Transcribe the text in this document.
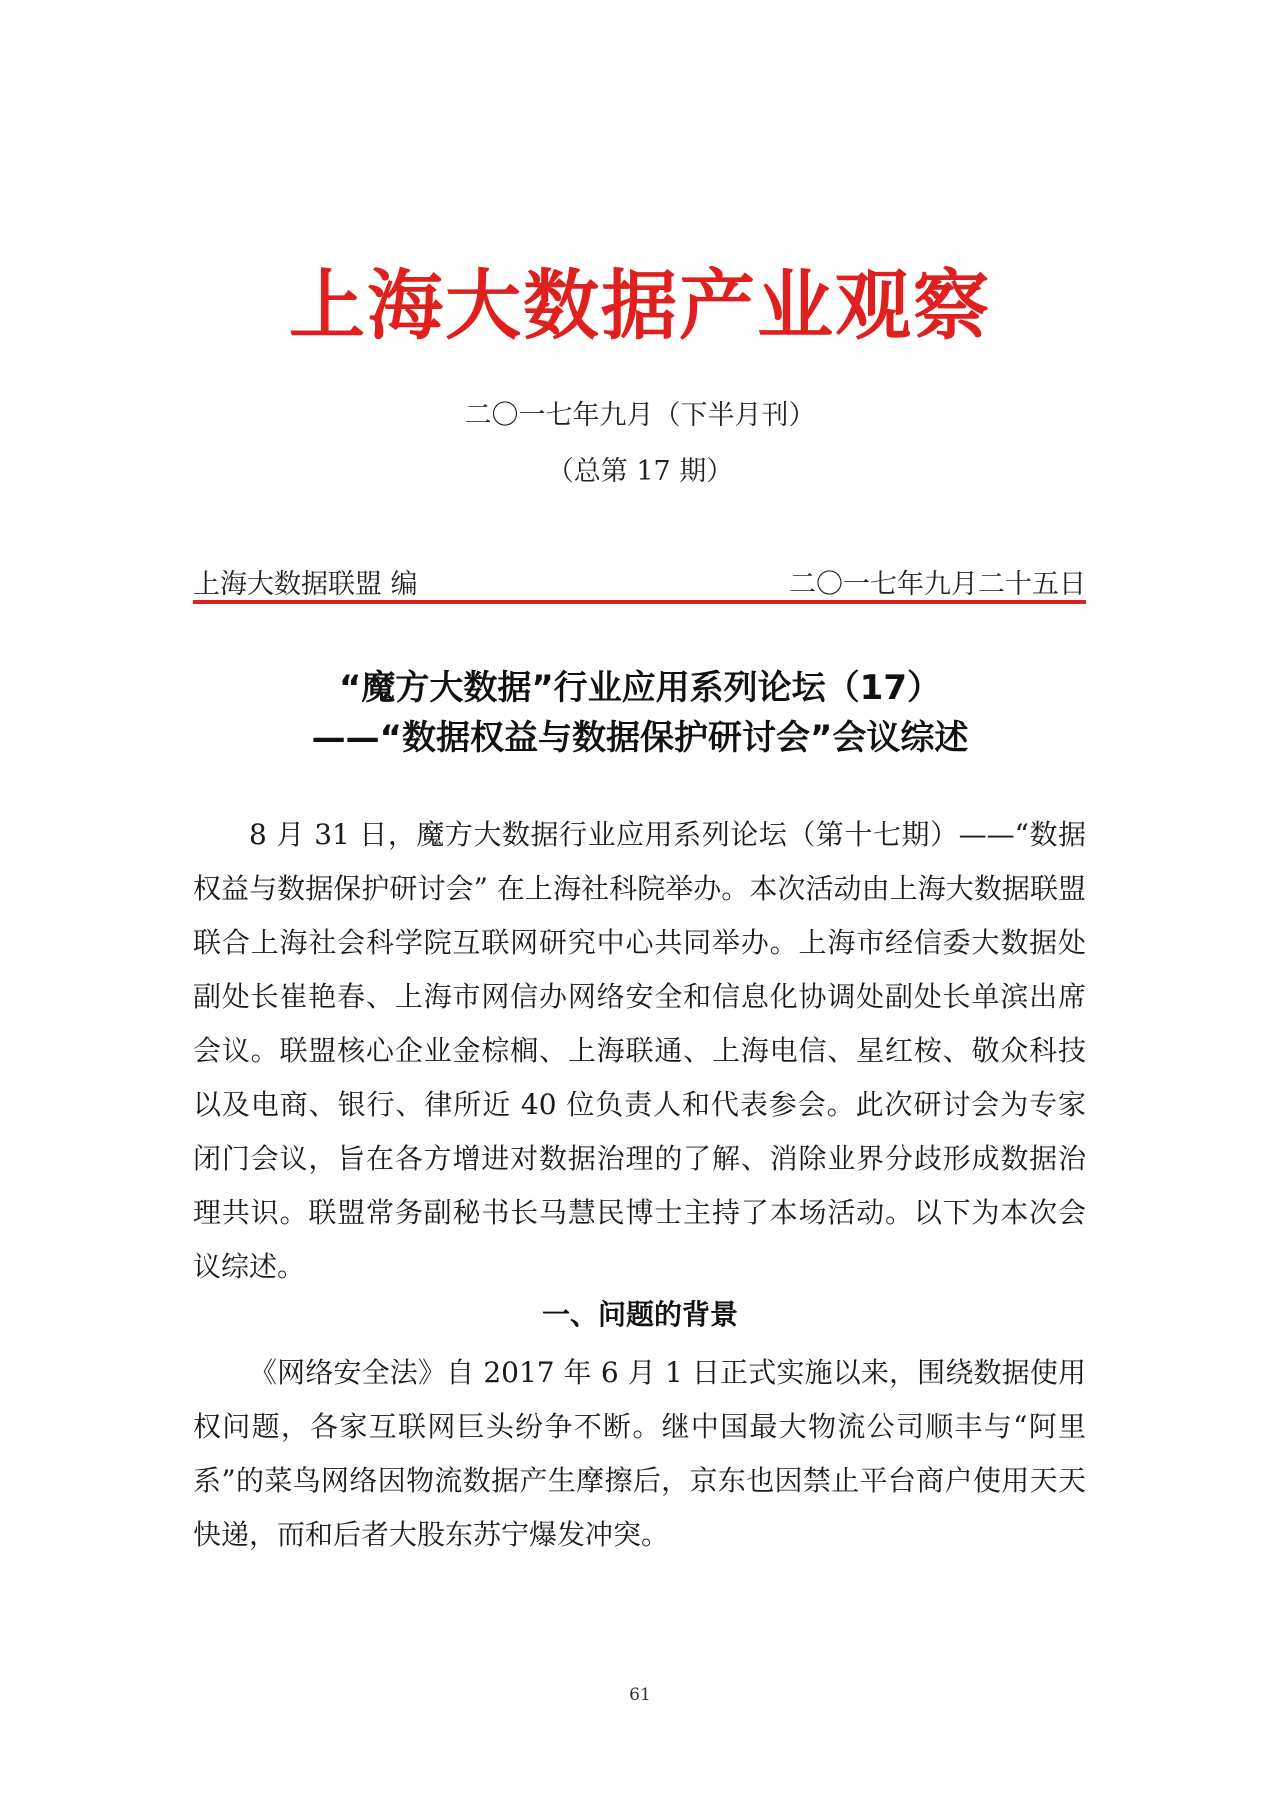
上海大数据产业观察
二〇一七年九月（下半月刊）
（总第 17 期）
上海大数据联盟 编	二〇一七年九月二十五日
“魔方大数据”行业应用系列论坛（17）
——“数据权益与数据保护研讨会”会议综述

8 月 31 日，魔方大数据行业应用系列论坛（第十七期）——“数据权益与数据保护研讨会” 在上海社科院举办。本次活动由上海大数据联盟联合上海社会科学院互联网研究中心共同举办。上海市经信委大数据处副处长崔艳春、上海市网信办网络安全和信息化协调处副处长单滨出席会议。联盟核心企业金棕榈、上海联通、上海电信、星红桉、敬众科技以及电商、银行、律所近 40 位负责人和代表参会。此次研讨会为专家闭门会议，旨在各方增进对数据治理的了解、消除业界分歧形成数据治理共识。联盟常务副秘书长马慧民博士主持了本场活动。以下为本次会议综述。

一、问题的背景

《网络安全法》自 2017 年 6 月 1 日正式实施以来，围绕数据使用权问题，各家互联网巨头纷争不断。继中国最大物流公司顺丰与“阿里系”的菜鸟网络因物流数据产生摩擦后，京东也因禁止平台商户使用天天快递，而和后者大股东苏宁爆发冲突。

61
